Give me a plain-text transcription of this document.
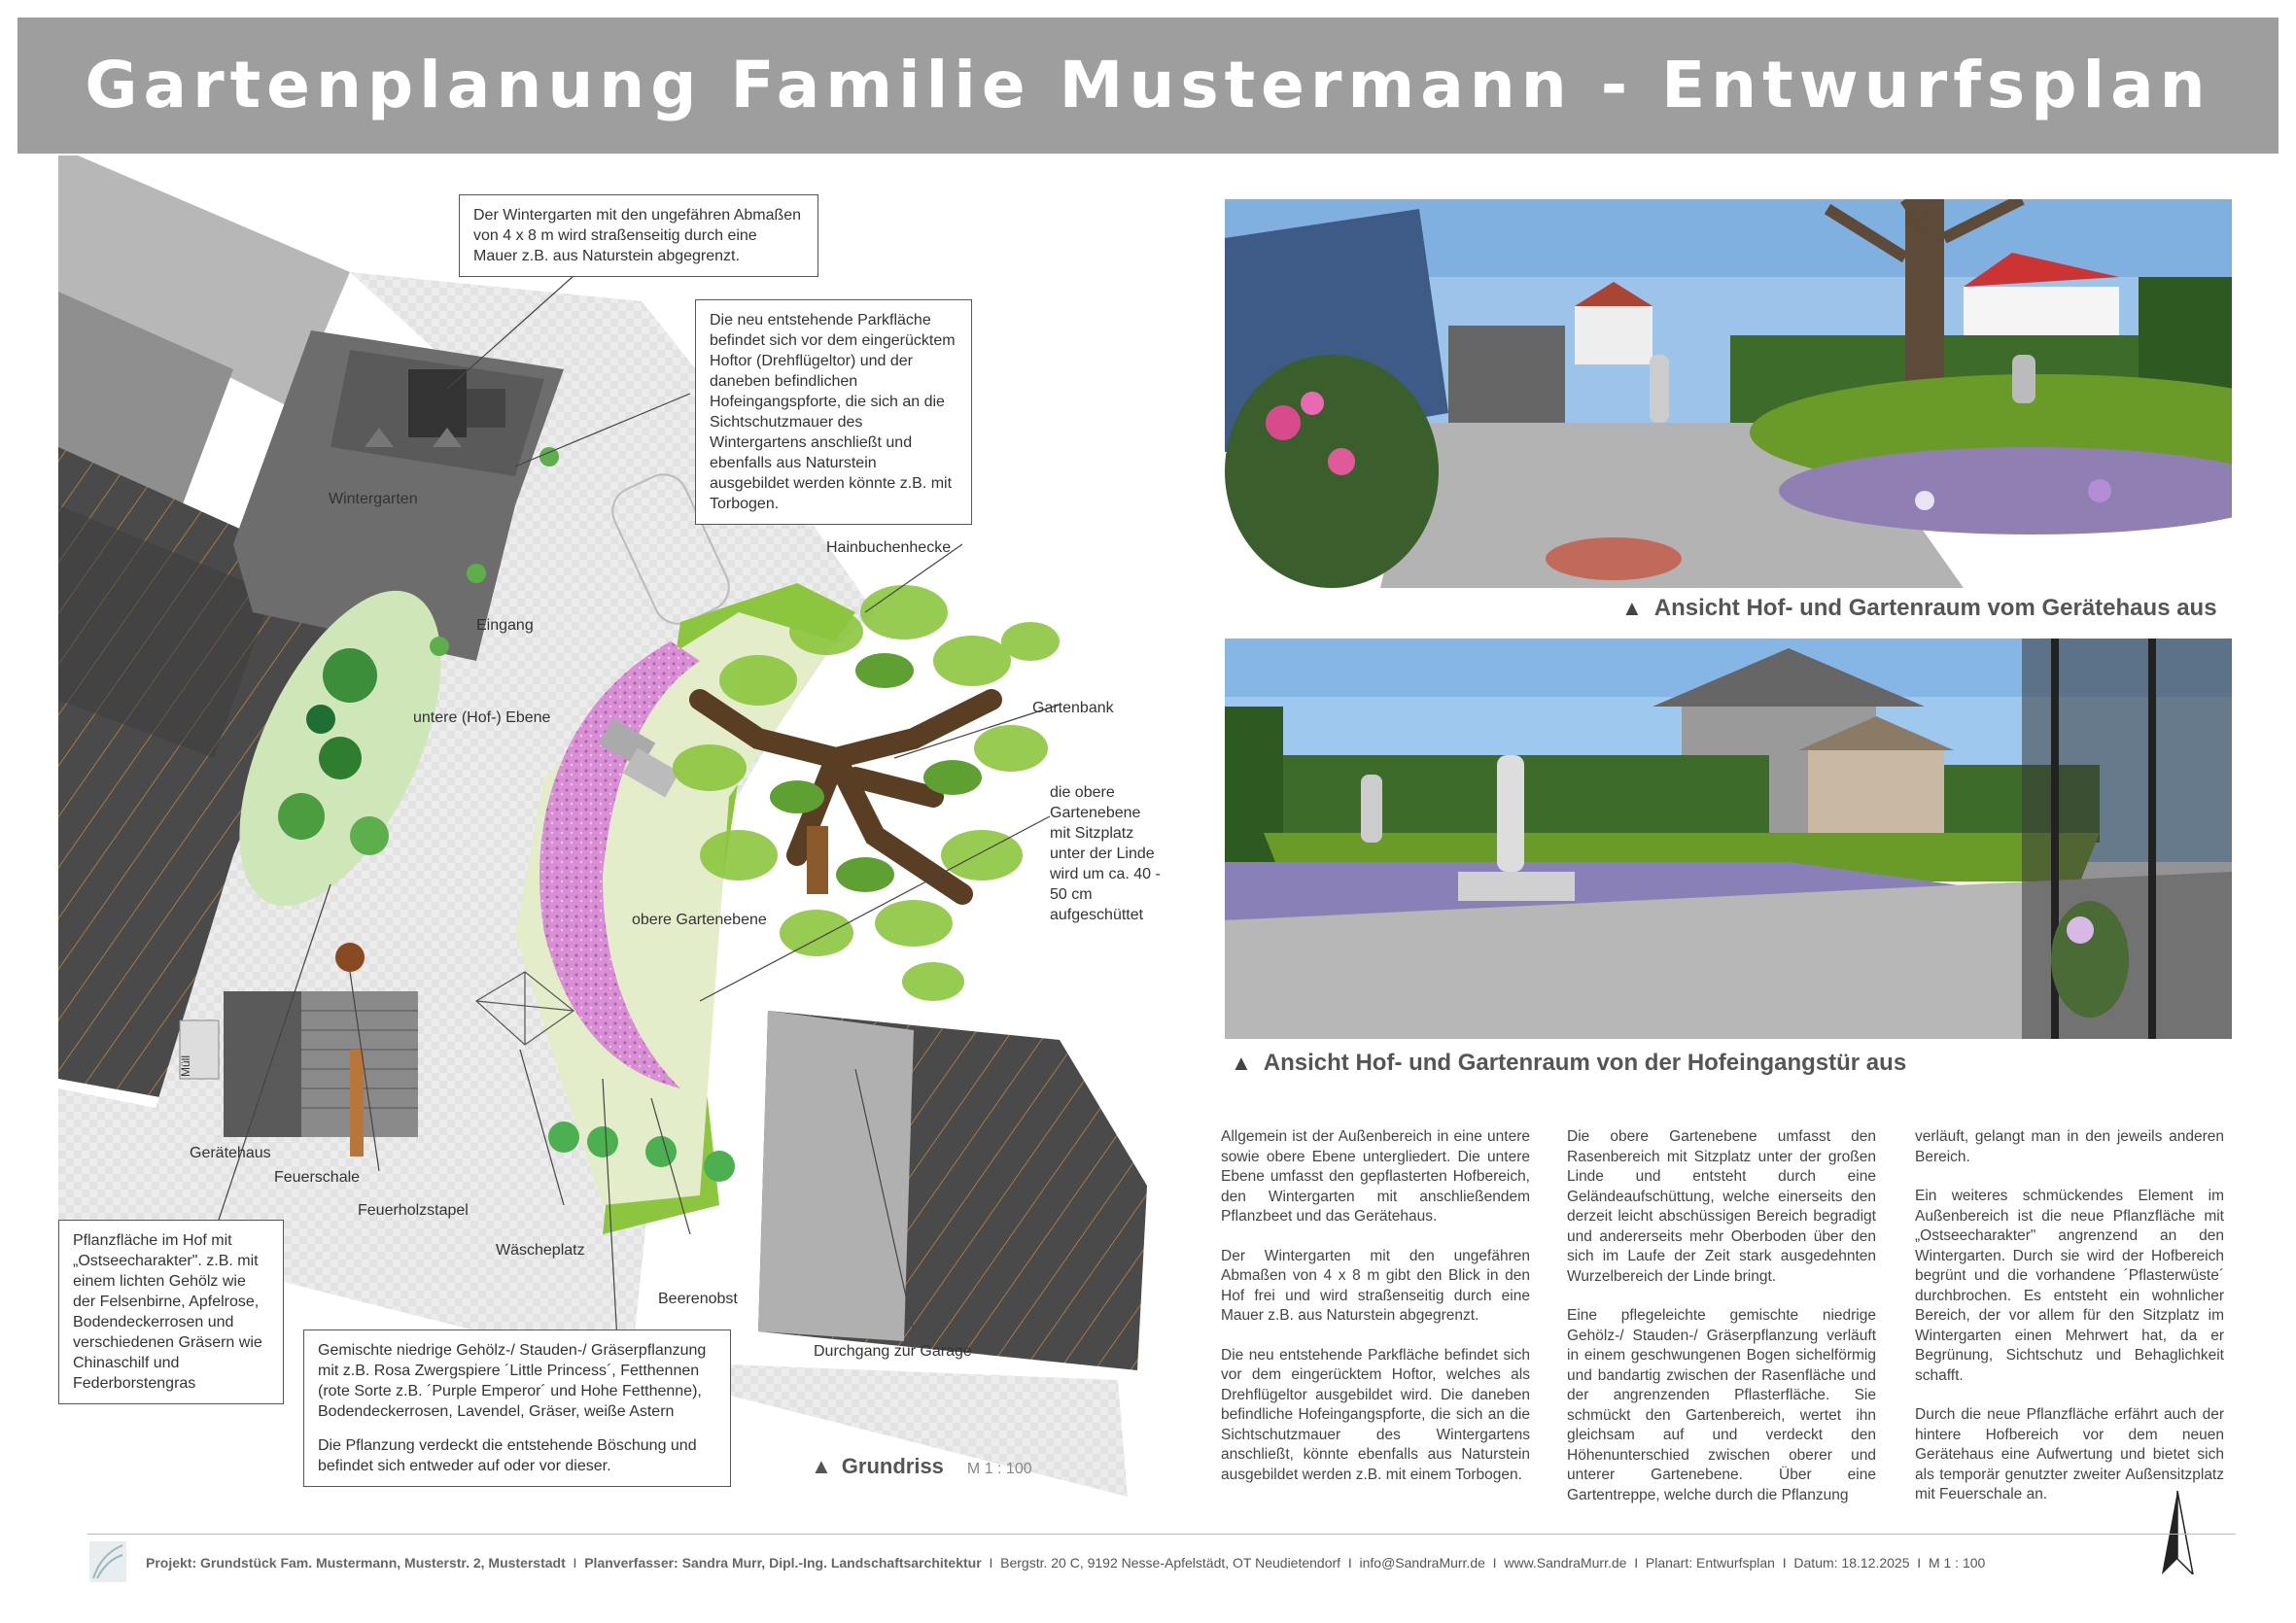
Gartenplanung Familie Mustermann - Entwurfsplan
Der Wintergarten mit den ungefähren Abmaßen von 4 x 8 m wird straßenseitig durch eine Mauer z.B. aus Naturstein abgegrenzt.
Die neu entstehende Parkfläche befindet sich vor dem eingerücktem Hoftor (Drehflügeltor) und der daneben befindlichen Hofeingangspforte, die sich an die Sichtschutzmauer des Wintergartens anschließt und ebenfalls aus Naturstein ausgebildet werden könnte z.B. mit Torbogen.
Pflanzfläche im Hof mit „Ostseecharakter". z.B. mit einem lichten Gehölz wie der Felsenbirne, Apfelrose, Bodendeckerrosen und verschiedenen Gräsern wie Chinaschilf und Federborstengras
Gemischte niedrige Gehölz-/ Stauden-/ Gräserpflanzung mit z.B. Rosa Zwergspiere ´Little Princess´, Fetthennen (rote Sorte z.B. ´Purple Emperor´ und Hohe Fetthenne), Bodendeckerrosen, Lavendel, Gräser, weiße Astern
Die Pflanzung verdeckt die entstehende Böschung und befindet sich entweder auf oder vor dieser.
die obere Gartenebene mit Sitzplatz unter der Linde wird um ca. 40 - 50 cm aufgeschüttet
Wintergarten
Eingang
untere (Hof-) Ebene
Hainbuchenhecke
Gartenbank
obere Gartenebene
Müll
Gerätehaus
Feuerschale
Feuerholzstapel
Wäscheplatz
Beerenobst
Durchgang zur Garage
▲ Grundriss M 1 : 100
▲ Ansicht Hof- und Gartenraum vom Gerätehaus aus
▲ Ansicht Hof- und Gartenraum von der Hofeingangstür aus

Allgemein ist der Außenbereich in eine untere sowie obere Ebene untergliedert. Die untere Ebene umfasst den gepflasterten Hofbereich, den Wintergarten mit anschließendem Pflanzbeet und das Gerätehaus.

Der Wintergarten mit den ungefähren Abmaßen von 4 x 8 m gibt den Blick in den Hof frei und wird straßenseitig durch eine Mauer z.B. aus Naturstein abgegrenzt.

Die neu entstehende Parkfläche befindet sich vor dem eingerücktem Hoftor, welches als Drehflügeltor ausgebildet wird. Die daneben befindliche Hofeingangspforte, die sich an die Sichtschutzmauer des Wintergartens anschließt, könnte ebenfalls aus Naturstein ausgebildet werden z.B. mit einem Torbogen.

Die obere Gartenebene umfasst den Rasenbereich mit Sitzplatz unter der großen Linde und entsteht durch eine Geländeaufschüttung, welche einerseits den derzeit leicht abschüssigen Bereich begradigt und andererseits mehr Oberboden über den sich im Laufe der Zeit stark ausgedehnten Wurzelbereich der Linde bringt.

Eine pflegeleichte gemischte niedrige Gehölz-/ Stauden-/ Gräserpflanzung verläuft in einem geschwungenen Bogen sichelförmig und bandartig zwischen der Rasenfläche und der angrenzenden Pflasterfläche. Sie schmückt den Gartenbereich, wertet ihn gleichsam auf und verdeckt den Höhenunterschied zwischen oberer und unterer Gartenebene. Über eine Gartentreppe, welche durch die Pflanzung

verläuft, gelangt man in den jeweils anderen Bereich.

Ein weiteres schmückendes Element im Außenbereich ist die neue Pflanzfläche mit „Ostseecharakter" angrenzend an den Wintergarten. Durch sie wird der Hofbereich begrünt und die vorhandene ´Pflasterwüste´ durchbrochen. Es entsteht ein wohnlicher Bereich, der vor allem für den Sitzplatz im Wintergarten einen Mehrwert hat, da er Begrünung, Sichtschutz und Behaglichkeit schafft.

Durch die neue Pflanzfläche erfährt auch der hintere Hofbereich vor dem neuen Gerätehaus eine Aufwertung und bietet sich als temporär genutzter zweiter Außensitzplatz mit Feuerschale an.

Projekt: Grundstück Fam. Mustermann, Musterstr. 2, Musterstadt  I  Planverfasser: Sandra Murr, Dipl.-Ing. Landschaftsarchitektur  I  Bergstr. 20 C, 9192 Nesse-Apfelstädt, OT Neudietendorf  I  info@SandraMurr.de  I  www.SandraMurr.de  I  Planart: Entwurfsplan  I  Datum: 18.12.2025  I  M 1 : 100
